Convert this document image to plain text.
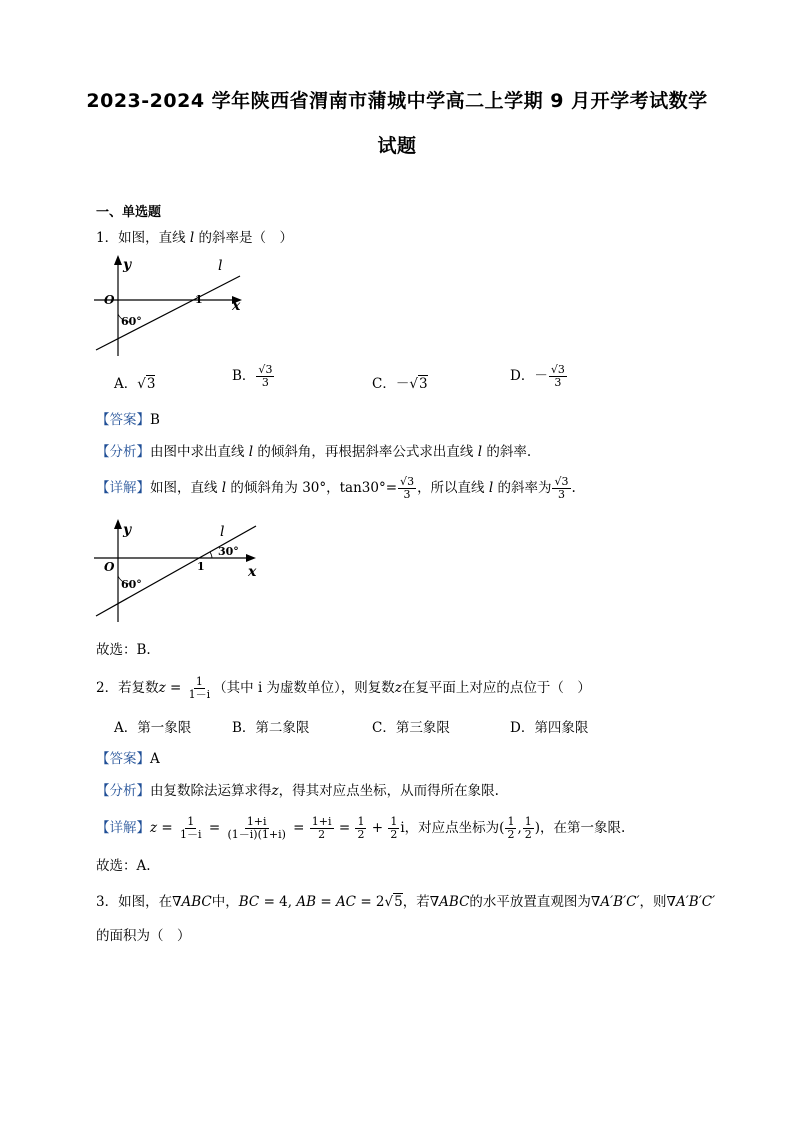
2023-2024 学年陕西省渭南市蒲城中学高二上学期 9 月开学考试数学
试题
一、单选题
1．如图，直线 l 的斜率是（　）
y	l
O	1 x
60°
A．√3	B． $\frac{√3}{3}$	C．－√3	D．－ $\frac{√3}{3}$
【答案】B
【分析】由图中求出直线 l 的倾斜角，再根据斜率公式求出直线 l 的斜率.
【详解】如图，直线 l 的倾斜角为 30°，$\tan 30^\circ= \frac{√3}{3}$ ，所以直线 l 的斜率为 $\frac{√3}{3}$ .
y	l
O	1	x
60°
30°
故选：B.
2．若复数$z = \frac{1}{1-i}$ （其中 i 为虚数单位），则复数z在复平面上对应的点位于（　）
A．第一象限	B．第二象限	C．第三象限	D．第四象限
【答案】A
【分析】由复数除法运算求得z，得其对应点坐标，从而得所在象限.
【详解】$z = \frac{1}{1-i} = \frac{1+i}{(1-i)(1+i)} = \frac{1+i}{2} = \frac{1}{2} + \frac{1}{2}$ i，对应点坐标为( $\frac{1}{2}$ , $\frac{1}{2}$ )，在第一象限.
故选：A.
3．如图，在∇ABC中，BC = 4, AB = AC = 2√5，若∇ABC的水平放置直观图为∇A′B′C′，则∇A′B′C′
的面积为（　）
